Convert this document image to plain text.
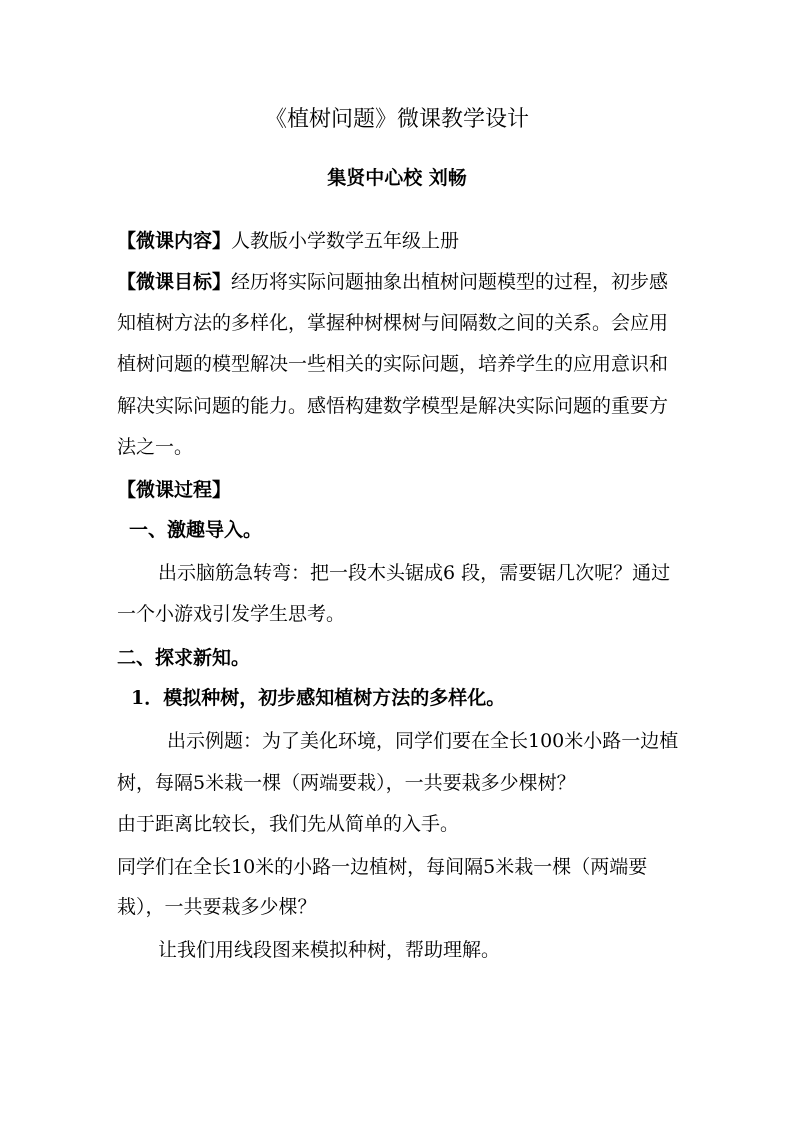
《植树问题》微课教学设计
集贤中心校 刘畅
【微课内容】人教版小学数学五年级上册
【微课目标】经历将实际问题抽象出植树问题模型的过程，初步感
知植树方法的多样化，掌握种树棵树与间隔数之间的关系。会应用
植树问题的模型解决一些相关的实际问题，培养学生的应用意识和
解决实际问题的能力。感悟构建数学模型是解决实际问题的重要方
法之一。
【微课过程】
一、激趣导入。
出示脑筋急转弯：把一段木头锯成6 段，需要锯几次呢？通过
一个小游戏引发学生思考。
二、探求新知。
1．模拟种树，初步感知植树方法的多样化。
出示例题：为了美化环境，同学们要在全长100米小路一边植
树，每隔5米栽一棵（两端要栽），一共要栽多少棵树？
由于距离比较长，我们先从简单的入手。
同学们在全长10米的小路一边植树，每间隔5米栽一棵（两端要
栽），一共要栽多少棵？
让我们用线段图来模拟种树，帮助理解。
